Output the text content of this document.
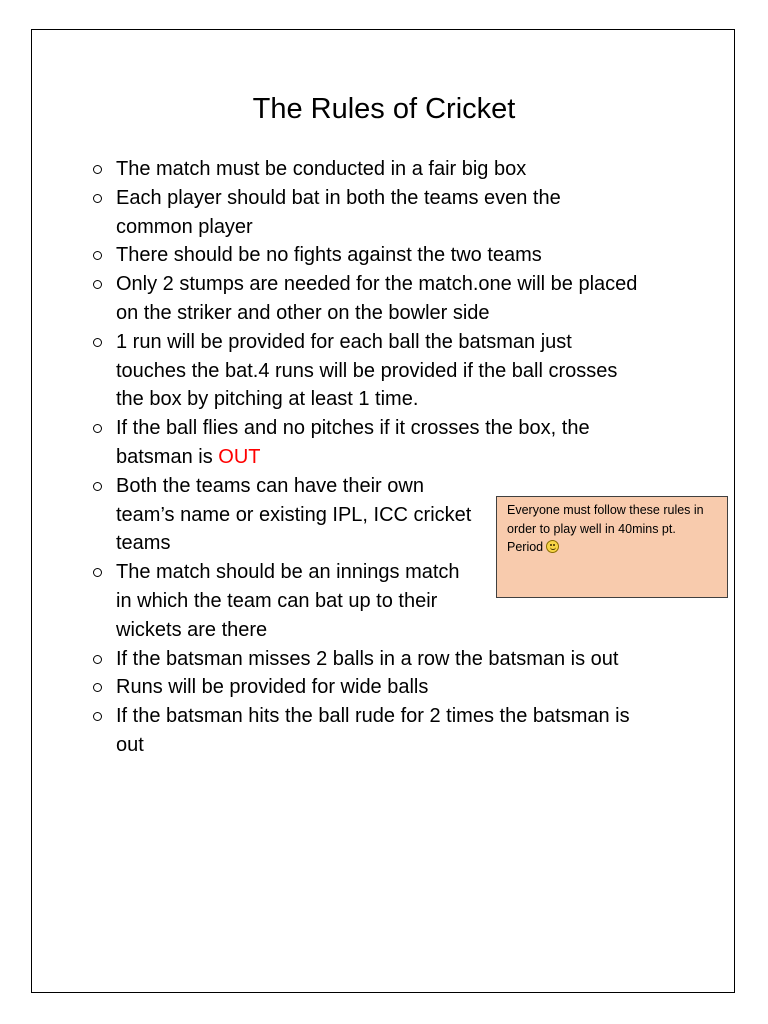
The Rules of Cricket
The match must be conducted in a fair big box
Each player should bat in both the teams even the
common player
There should be no fights against the two teams
Only 2 stumps are needed for the match.one will be placed
on the striker and other on the bowler side
1 run will be provided for each ball the batsman just
touches the bat.4 runs will be provided if the ball crosses
the box by pitching at least 1 time.
If the ball flies and no pitches if it crosses the box, the
batsman is OUT
Both the teams can have their own
team’s name or existing IPL, ICC cricket
teams
The match should be an innings match
in which the team can bat up to their
wickets are there
If the batsman misses 2 balls in a row the batsman is out
Runs will be provided for wide balls
If the batsman hits the ball rude for 2 times the batsman is
out
Everyone must follow these rules in
order to play well in 40mins pt.
Period
